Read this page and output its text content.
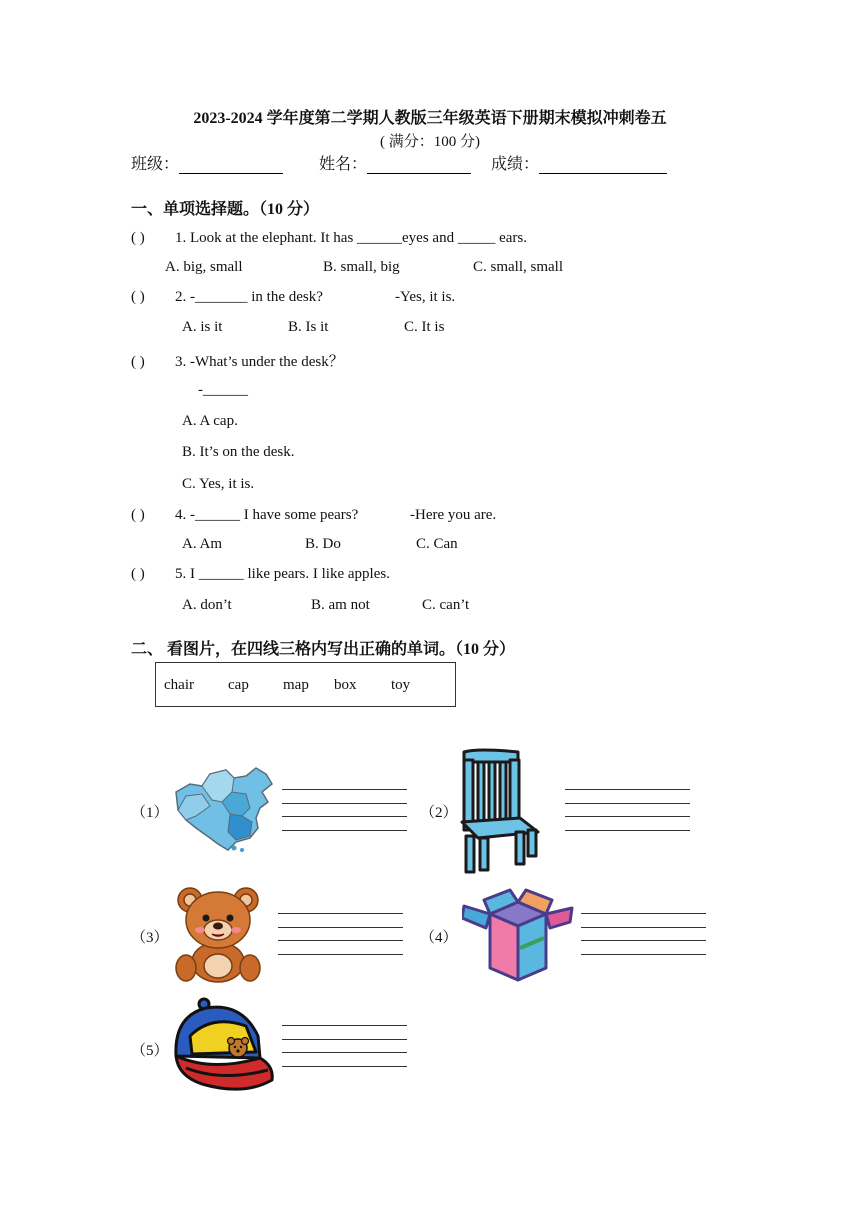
2023-2024 学年度第二学期人教版三年级英语下册期末模拟冲刺卷五
( 满分：100 分)
班级：	姓名：	成绩：
一、单项选择题。（10 分）
( ) 1. Look at the elephant. It has ______eyes and _____ ears.
A. big, small	B. small, big	C. small, small
( ) 2. -_______ in the desk?	-Yes, it is.
A. is it	B. Is it	C. It is
( ) 3. -What’s under the desk？
-______
A. A cap.
B. It’s on the desk.
C. Yes, it is.
( ) 4. -______ I have some pears?	-Here you are.
A. Am	B. Do	C. Can
( ) 5. I ______ like pears. I like apples.
A. don’t	B. am not	C. can’t
二、 看图片，在四线三格内写出正确的单词。（10 分）
chair cap map box toy
（1）	（2）
（3）	（4）
（5）
